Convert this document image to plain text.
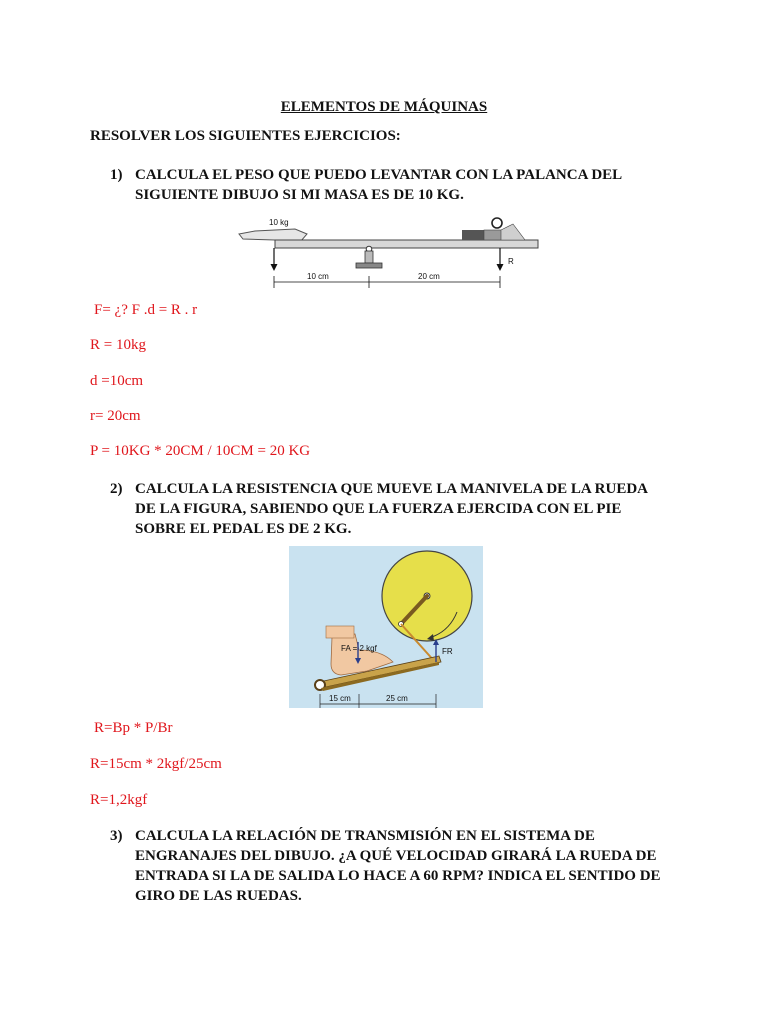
ELEMENTOS DE MÁQUINAS
RESOLVER LOS SIGUIENTES EJERCICIOS:
1) CALCULA EL PESO QUE PUEDO LEVANTAR CON LA PALANCA DEL
SIGUIENTE DIBUJO SI MI MASA ES DE 10 KG.
10 kg
R
10 cm	20 cm
F= ¿? F .d = R . r
R = 10kg
d =10cm
r= 20cm
P = 10KG * 20CM / 10CM = 20 KG
2) CALCULA LA RESISTENCIA QUE MUEVE LA MANIVELA DE LA RUEDA
DE LA FIGURA, SABIENDO QUE LA FUERZA EJERCIDA CON EL PIE
SOBRE EL PEDAL ES DE 2 KG.
FA = 2 kgf	FR
15 cm	25 cm
R=Bp * P/Br
R=15cm * 2kgf/25cm
R=1,2kgf
3) CALCULA LA RELACIÓN DE TRANSMISIÓN EN EL SISTEMA DE
ENGRANAJES DEL DIBUJO. ¿A QUÉ VELOCIDAD GIRARÁ LA RUEDA DE
ENTRADA SI LA DE SALIDA LO HACE A 60 RPM? INDICA EL SENTIDO DE
GIRO DE LAS RUEDAS.
